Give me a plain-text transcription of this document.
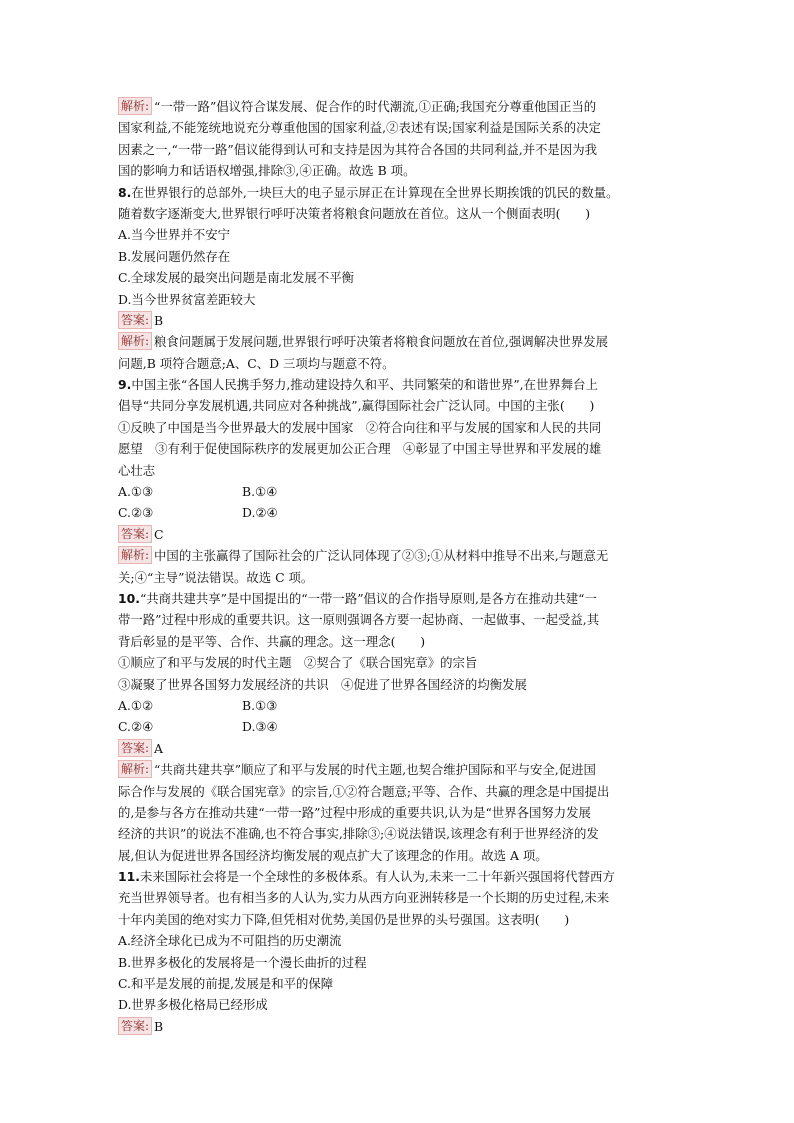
解析: “一带一路”倡议符合谋发展、促合作的时代潮流,①正确;我国充分尊重他国正当的
国家利益,不能笼统地说充分尊重他国的国家利益,②表述有误;国家利益是国际关系的决定
因素之一,“一带一路”倡议能得到认可和支持是因为其符合各国的共同利益,并不是因为我
国的影响力和话语权增强,排除③,④正确。故选 B 项。
8.在世界银行的总部外,一块巨大的电子显示屏正在计算现在全世界长期挨饿的饥民的数量。
随着数字逐渐变大,世界银行呼吁决策者将粮食问题放在首位。这从一个侧面表明(　　)
A.当今世界并不安宁
B.发展问题仍然存在
C.全球发展的最突出问题是南北发展不平衡
D.当今世界贫富差距较大
答案: B
解析: 粮食问题属于发展问题,世界银行呼吁决策者将粮食问题放在首位,强调解决世界发展
问题,B 项符合题意;A、C、D 三项均与题意不符。
9.中国主张“各国人民携手努力,推动建设持久和平、共同繁荣的和谐世界”,在世界舞台上
倡导“共同分享发展机遇,共同应对各种挑战”,赢得国际社会广泛认同。中国的主张(　　)
①反映了中国是当今世界最大的发展中国家　②符合向往和平与发展的国家和人民的共同
愿望　③有利于促使国际秩序的发展更加公正合理　④彰显了中国主导世界和平发展的雄
心壮志
A.①③	B.①④
C.②③	D.②④
答案: C
解析: 中国的主张赢得了国际社会的广泛认同体现了②③;①从材料中推导不出来,与题意无
关;④“主导”说法错误。故选 C 项。
10.“共商共建共享”是中国提出的“一带一路”倡议的合作指导原则,是各方在推动共建“一
带一路”过程中形成的重要共识。这一原则强调各方要一起协商、一起做事、一起受益,其
背后彰显的是平等、合作、共赢的理念。这一理念(　　)
①顺应了和平与发展的时代主题　②契合了《联合国宪章》的宗旨
③凝聚了世界各国努力发展经济的共识　④促进了世界各国经济的均衡发展
A.①②	B.①③
C.②④	D.③④
答案: A
解析: “共商共建共享”顺应了和平与发展的时代主题,也契合维护国际和平与安全,促进国
际合作与发展的《联合国宪章》的宗旨,①②符合题意;平等、合作、共赢的理念是中国提出
的,是参与各方在推动共建“一带一路”过程中形成的重要共识,认为是“世界各国努力发展
经济的共识”的说法不准确,也不符合事实,排除③;④说法错误,该理念有利于世界经济的发
展,但认为促进世界各国经济均衡发展的观点扩大了该理念的作用。故选 A 项。
11.未来国际社会将是一个全球性的多极体系。有人认为,未来一二十年新兴强国将代替西方
充当世界领导者。也有相当多的人认为,实力从西方向亚洲转移是一个长期的历史过程,未来
十年内美国的绝对实力下降,但凭相对优势,美国仍是世界的头号强国。这表明(　　)
A.经济全球化已成为不可阻挡的历史潮流
B.世界多极化的发展将是一个漫长曲折的过程
C.和平是发展的前提,发展是和平的保障
D.世界多极化格局已经形成
答案: B
